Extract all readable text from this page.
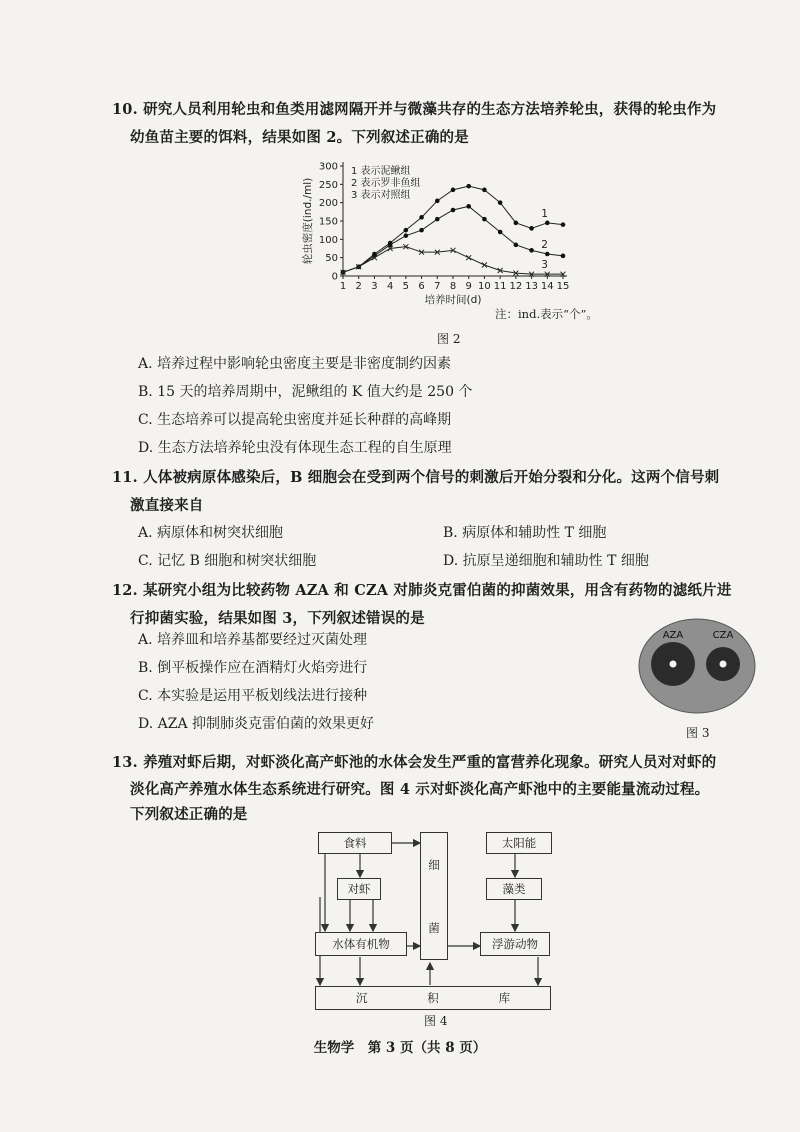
10. 研究人员利用轮虫和鱼类用滤网隔开并与微藻共存的生态方法培养轮虫，获得的轮虫作为
幼鱼苗主要的饵料，结果如图 2。下列叙述正确的是
0
50
100
150
200
250
300
1 2 3 4 5 6 7 8 9 10 11 12 13 14 15
培养时间(d)
轮虫密度(ind./ml)
1 表示泥鳅组
2 表示罗非鱼组
3 表示对照组
1
2
3
注：ind.表示“个”。
图 2
A. 培养过程中影响轮虫密度主要是非密度制约因素
B. 15 天的培养周期中，泥鳅组的 K 值大约是 250 个
C. 生态培养可以提高轮虫密度并延长种群的高峰期
D. 生态方法培养轮虫没有体现生态工程的自生原理
11. 人体被病原体感染后，B 细胞会在受到两个信号的刺激后开始分裂和分化。这两个信号刺
激直接来自
A. 病原体和树突状细胞	B. 病原体和辅助性 T 细胞
C. 记忆 B 细胞和树突状细胞	D. 抗原呈递细胞和辅助性 T 细胞
12. 某研究小组为比较药物 AZA 和 CZA 对肺炎克雷伯菌的抑菌效果，用含有药物的滤纸片进
行抑菌实验，结果如图 3，下列叙述错误的是
A. 培养皿和培养基都要经过灭菌处理
B. 倒平板操作应在酒精灯火焰旁进行
C. 本实验是运用平板划线法进行接种
D. AZA 抑制肺炎克雷伯菌的效果更好
AZA	CZA
图 3
13. 养殖对虾后期，对虾淡化高产虾池的水体会发生严重的富营养化现象。研究人员对对虾的
淡化高产养殖水体生态系统进行研究。图 4 示对虾淡化高产虾池中的主要能量流动过程。
下列叙述正确的是
食料
对虾
水体有机物
细
菌
太阳能
藻类
浮游动物
沉	积	库
图 4
生物学　第 3 页（共 8 页）
